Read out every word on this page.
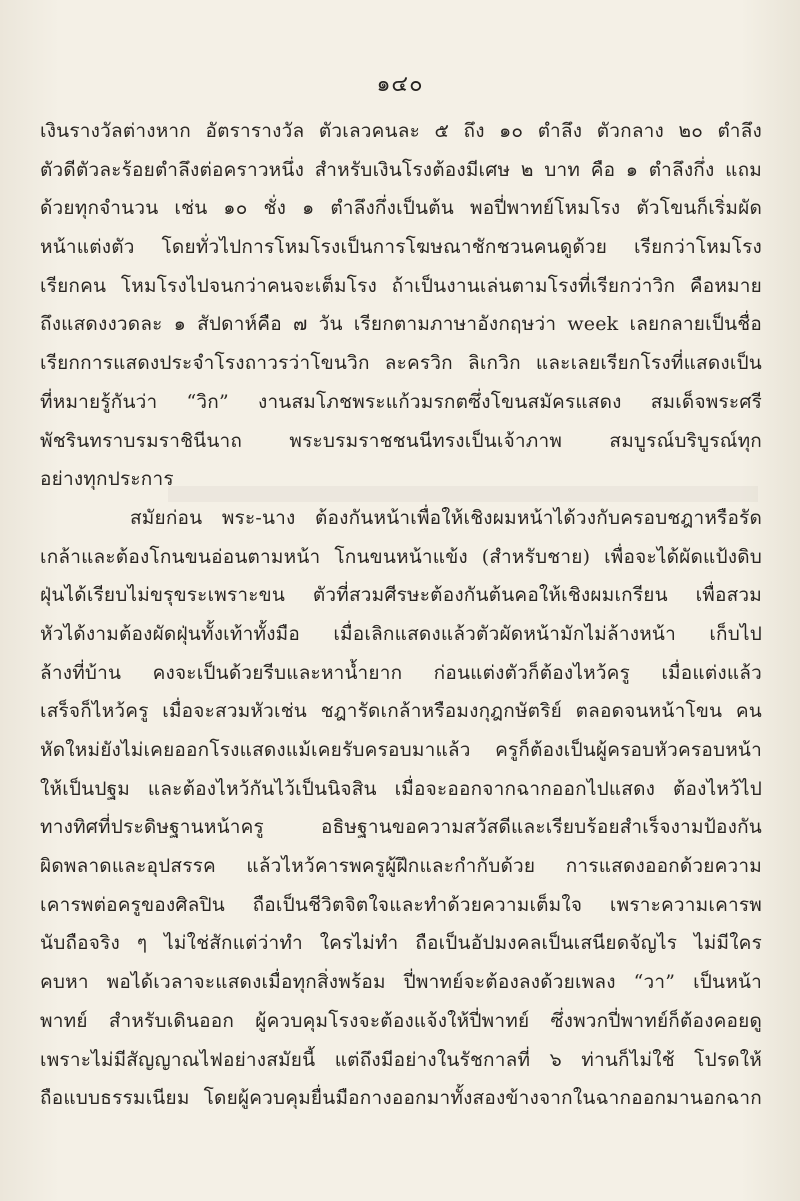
๑๔๐
เงินรางวัลต่างหาก อัตรารางวัล ตัวเลวคนละ ๕ ถึง ๑๐ ตำลึง ตัวกลาง ๒๐ ตำลึง
ตัวดีตัวละร้อยตำลึงต่อคราวหนึ่ง สำหรับเงินโรงต้องมีเศษ ๒ บาท คือ ๑ ตำลึงกึ่ง แถม
ด้วยทุกจำนวน เช่น ๑๐ ชั่ง ๑ ตำลึงกึ่งเป็นต้น พอปี่พาทย์โหมโรง ตัวโขนก็เริ่มผัด
หน้าแต่งตัว โดยทั่วไปการโหมโรงเป็นการโฆษณาชักชวนคนดูด้วย เรียกว่าโหมโรง
เรียกคน โหมโรงไปจนกว่าคนจะเต็มโรง ถ้าเป็นงานเล่นตามโรงที่เรียกว่าวิก คือหมาย
ถึงแสดงงวดละ ๑ สัปดาห์คือ ๗ วัน เรียกตามภาษาอังกฤษว่า week เลยกลายเป็นชื่อ
เรียกการแสดงประจำโรงถาวรว่าโขนวิก ละครวิก ลิเกวิก และเลยเรียกโรงที่แสดงเป็น
ที่หมายรู้กันว่า “วิก” งานสมโภชพระแก้วมรกตซึ่งโขนสมัครแสดง สมเด็จพระศรี
พัชรินทราบรมราชินีนาถ พระบรมราชชนนีทรงเป็นเจ้าภาพ สมบูรณ์บริบูรณ์ทุก
อย่างทุกประการ
สมัยก่อน พระ-นาง ต้องกันหน้าเพื่อให้เชิงผมหน้าได้วงกับครอบชฎาหรือรัด
เกล้าและต้องโกนขนอ่อนตามหน้า โกนขนหน้าแข้ง (สำหรับชาย) เพื่อจะได้ผัดแป้งดิบ
ฝุ่นได้เรียบไม่ขรุขระเพราะขน ตัวที่สวมศีรษะต้องกันต้นคอให้เชิงผมเกรียน เพื่อสวม
หัวได้งามต้องผัดฝุ่นทั้งเท้าทั้งมือ เมื่อเลิกแสดงแล้วตัวผัดหน้ามักไม่ล้างหน้า เก็บไป
ล้างที่บ้าน คงจะเป็นด้วยรีบและหาน้ำยาก ก่อนแต่งตัวก็ต้องไหว้ครู เมื่อแต่งแล้ว
เสร็จก็ไหว้ครู เมื่อจะสวมหัวเช่น ชฎารัดเกล้าหรือมงกุฎกษัตริย์ ตลอดจนหน้าโขน คน
หัดใหม่ยังไม่เคยออกโรงแสดงแม้เคยรับครอบมาแล้ว ครูก็ต้องเป็นผู้ครอบหัวครอบหน้า
ให้เป็นปฐม และต้องไหว้กันไว้เป็นนิจสิน เมื่อจะออกจากฉากออกไปแสดง ต้องไหว้ไป
ทางทิศที่ประดิษฐานหน้าครู อธิษฐานขอความสวัสดีและเรียบร้อยสำเร็จงามป้องกัน
ผิดพลาดและอุปสรรค แล้วไหว้คารพครูผู้ฝึกและกำกับด้วย การแสดงออกด้วยความ
เคารพต่อครูของศิลปิน ถือเป็นชีวิตจิตใจและทำด้วยความเต็มใจ เพราะความเคารพ
นับถือจริง ๆ ไม่ใช่สักแต่ว่าทำ ใครไม่ทำ ถือเป็นอัปมงคลเป็นเสนียดจัญไร ไม่มีใคร
คบหา พอได้เวลาจะแสดงเมื่อทุกสิ่งพร้อม ปี่พาทย์จะต้องลงด้วยเพลง “วา” เป็นหน้า
พาทย์ สำหรับเดินออก ผู้ควบคุมโรงจะต้องแจ้งให้ปี่พาทย์ ซึ่งพวกปี่พาทย์ก็ต้องคอยดู
เพราะไม่มีสัญญาณไฟอย่างสมัยนี้ แต่ถึงมีอย่างในรัชกาลที่ ๖ ท่านก็ไม่ใช้ โปรดให้
ถือแบบธรรมเนียม โดยผู้ควบคุมยื่นมือกางออกมาทั้งสองข้างจากในฉากออกมานอกฉาก
